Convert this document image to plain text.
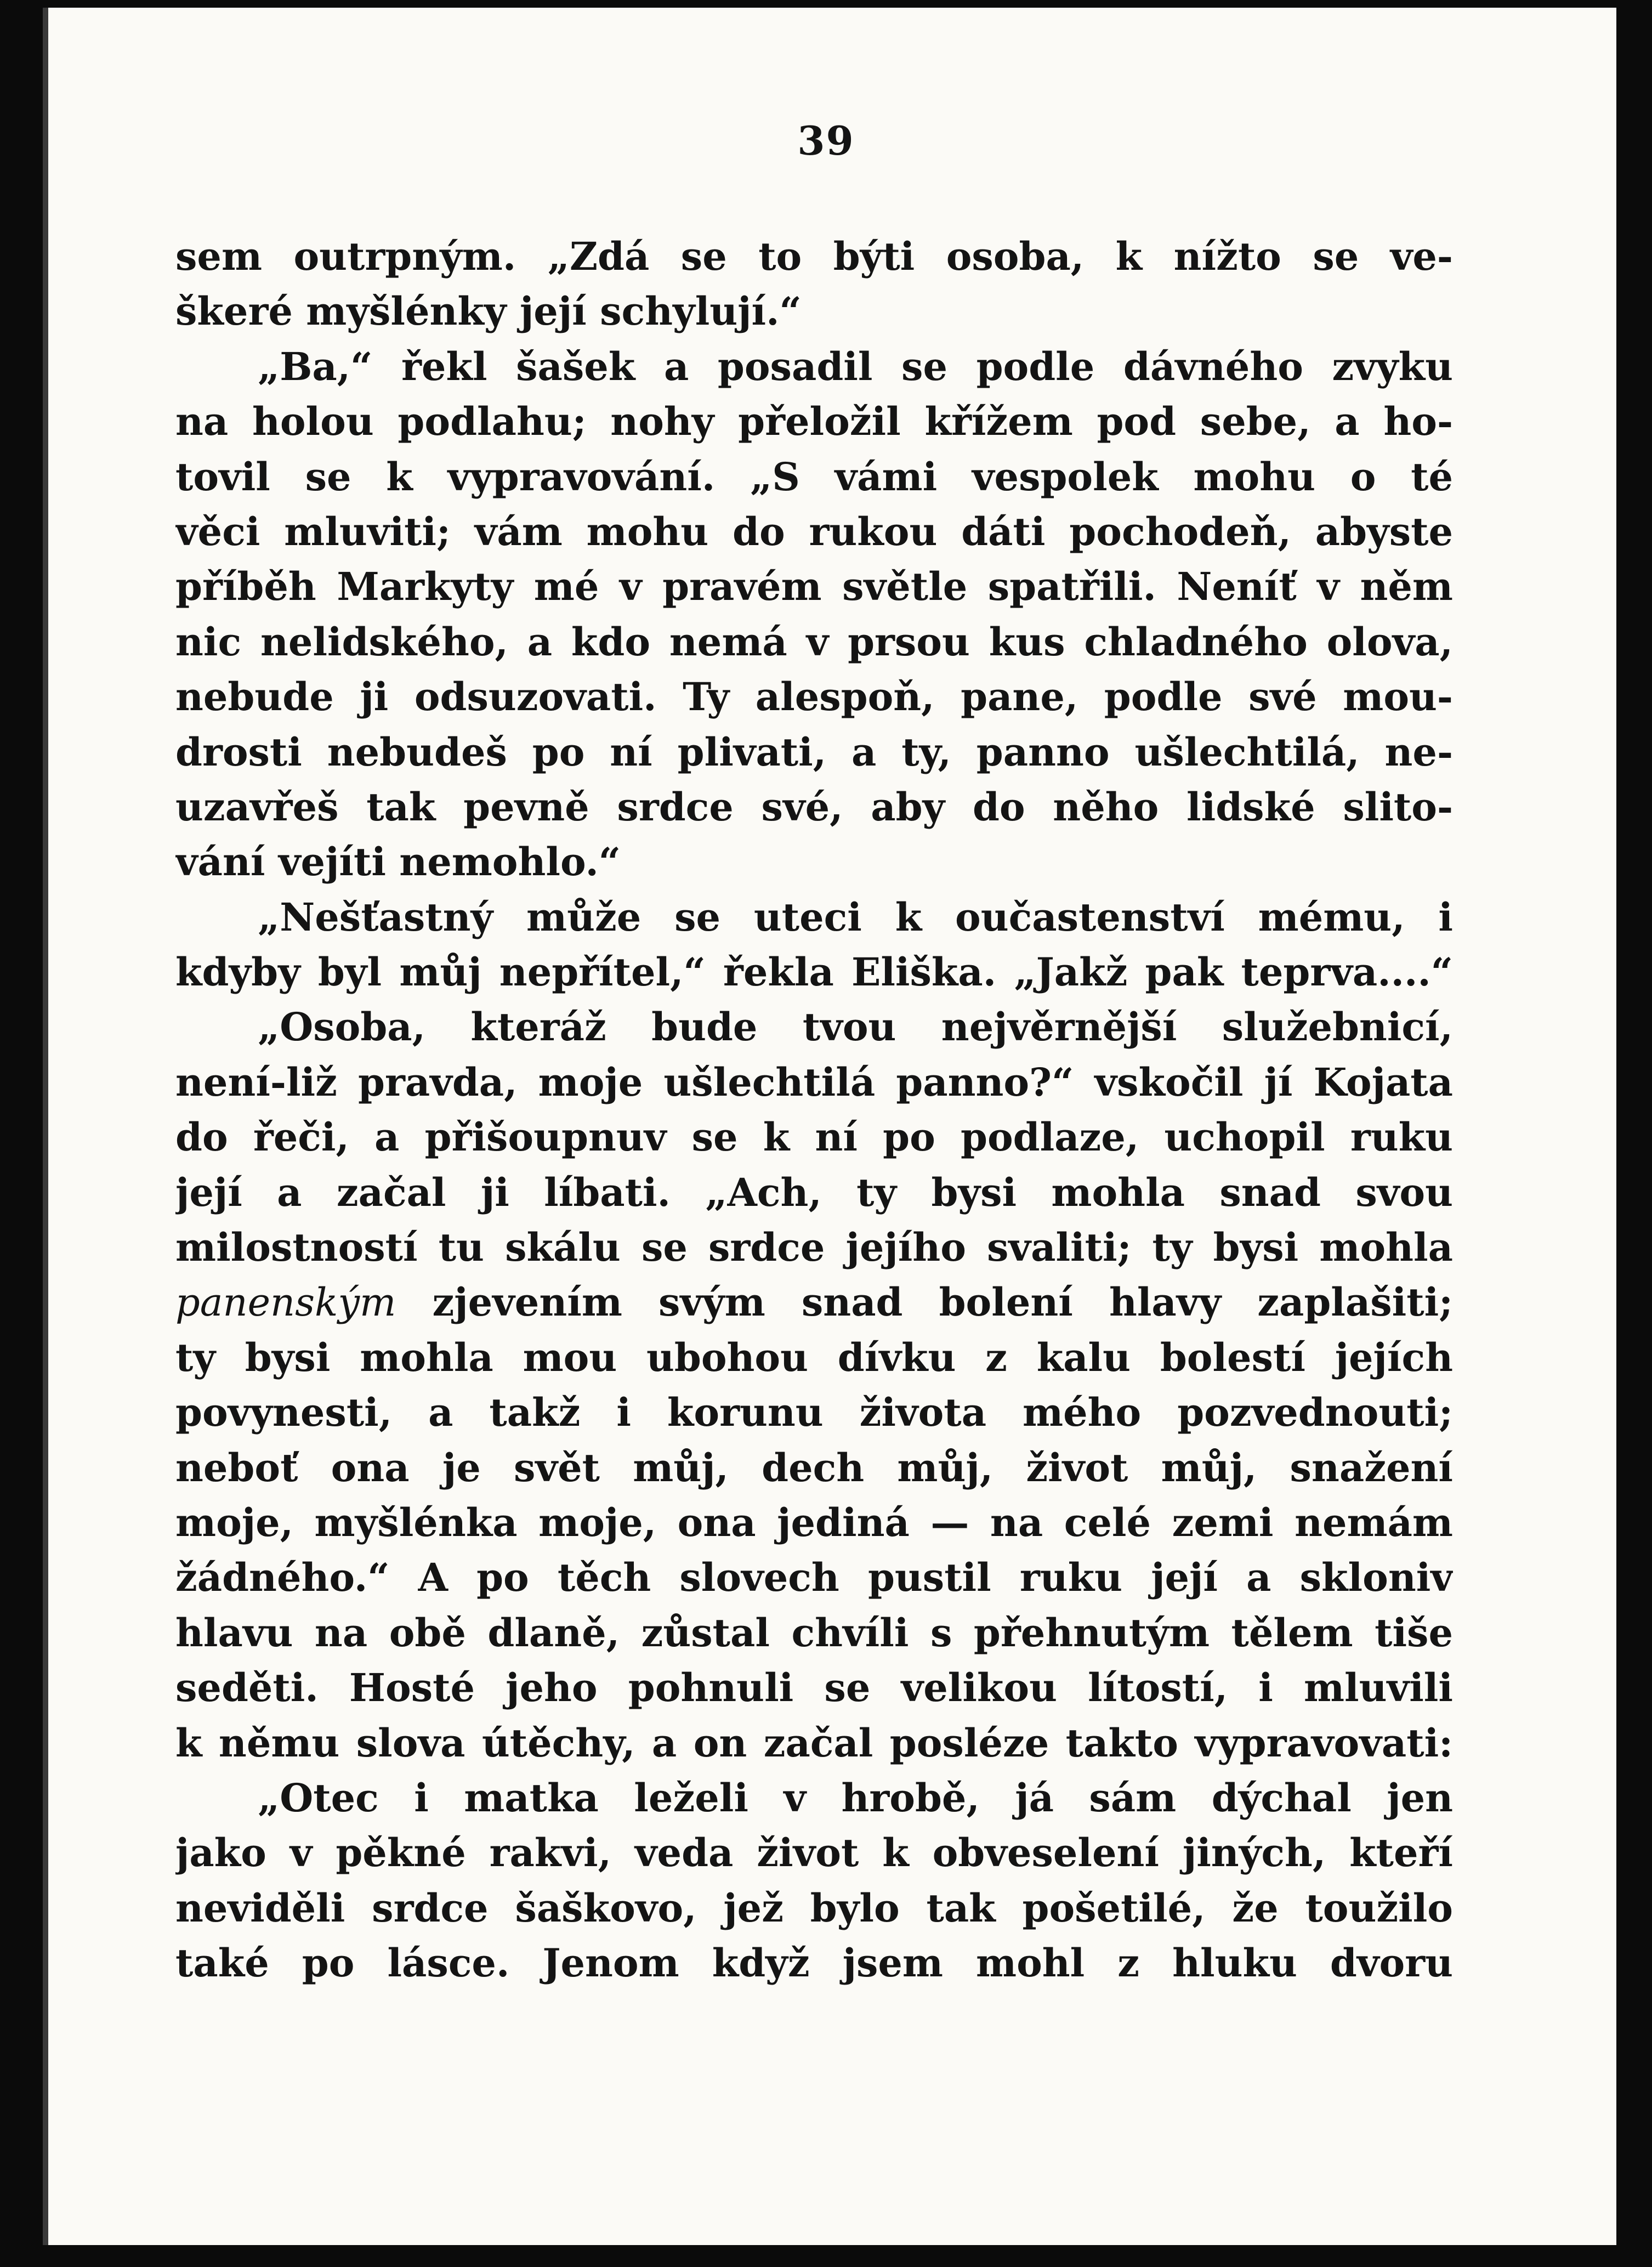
39
sem outrpným. „Zdá se to býti osoba, k nížto se ve-
škeré myšlénky její schylují.“
„Ba,“ řekl šašek a posadil se podle dávného zvyku
na holou podlahu; nohy přeložil křížem pod sebe, a ho-
tovil se k vypravování. „S vámi vespolek mohu o té
věci mluviti; vám mohu do rukou dáti pochodeň, abyste
příběh Markyty mé v pravém světle spatřili. Neníť v něm
nic nelidského, a kdo nemá v prsou kus chladného olova,
nebude ji odsuzovati. Ty alespoň, pane, podle své mou-
drosti nebudeš po ní plivati, a ty, panno ušlechtilá, ne-
uzavřeš tak pevně srdce své, aby do něho lidské slito-
vání vejíti nemohlo.“
„Nešťastný může se uteci k oučastenství mému, i
kdyby byl můj nepřítel,“ řekla Eliška. „Jakž pak teprva....“
„Osoba, kteráž bude tvou nejvěrnější služebnicí,
není-liž pravda, moje ušlechtilá panno?“ vskočil jí Kojata
do řeči, a přišoupnuv se k ní po podlaze, uchopil ruku
její a začal ji líbati. „Ach, ty bysi mohla snad svou
milostností tu skálu se srdce jejího svaliti; ty bysi mohla
panenským zjevením svým snad bolení hlavy zaplašiti;
ty bysi mohla mou ubohou dívku z kalu bolestí jejích
povynesti, a takž i korunu života mého pozvednouti;
neboť ona je svět můj, dech můj, život můj, snažení
moje, myšlénka moje, ona jediná — na celé zemi nemám
žádného.“ A po těch slovech pustil ruku její a skloniv
hlavu na obě dlaně, zůstal chvíli s přehnutým tělem tiše
seděti. Hosté jeho pohnuli se velikou lítostí, i mluvili
k němu slova útěchy, a on začal posléze takto vypravovati:
„Otec i matka leželi v hrobě, já sám dýchal jen
jako v pěkné rakvi, veda život k obveselení jiných, kteří
neviděli srdce šaškovo, jež bylo tak pošetilé, že toužilo
také po lásce. Jenom když jsem mohl z hluku dvoru
